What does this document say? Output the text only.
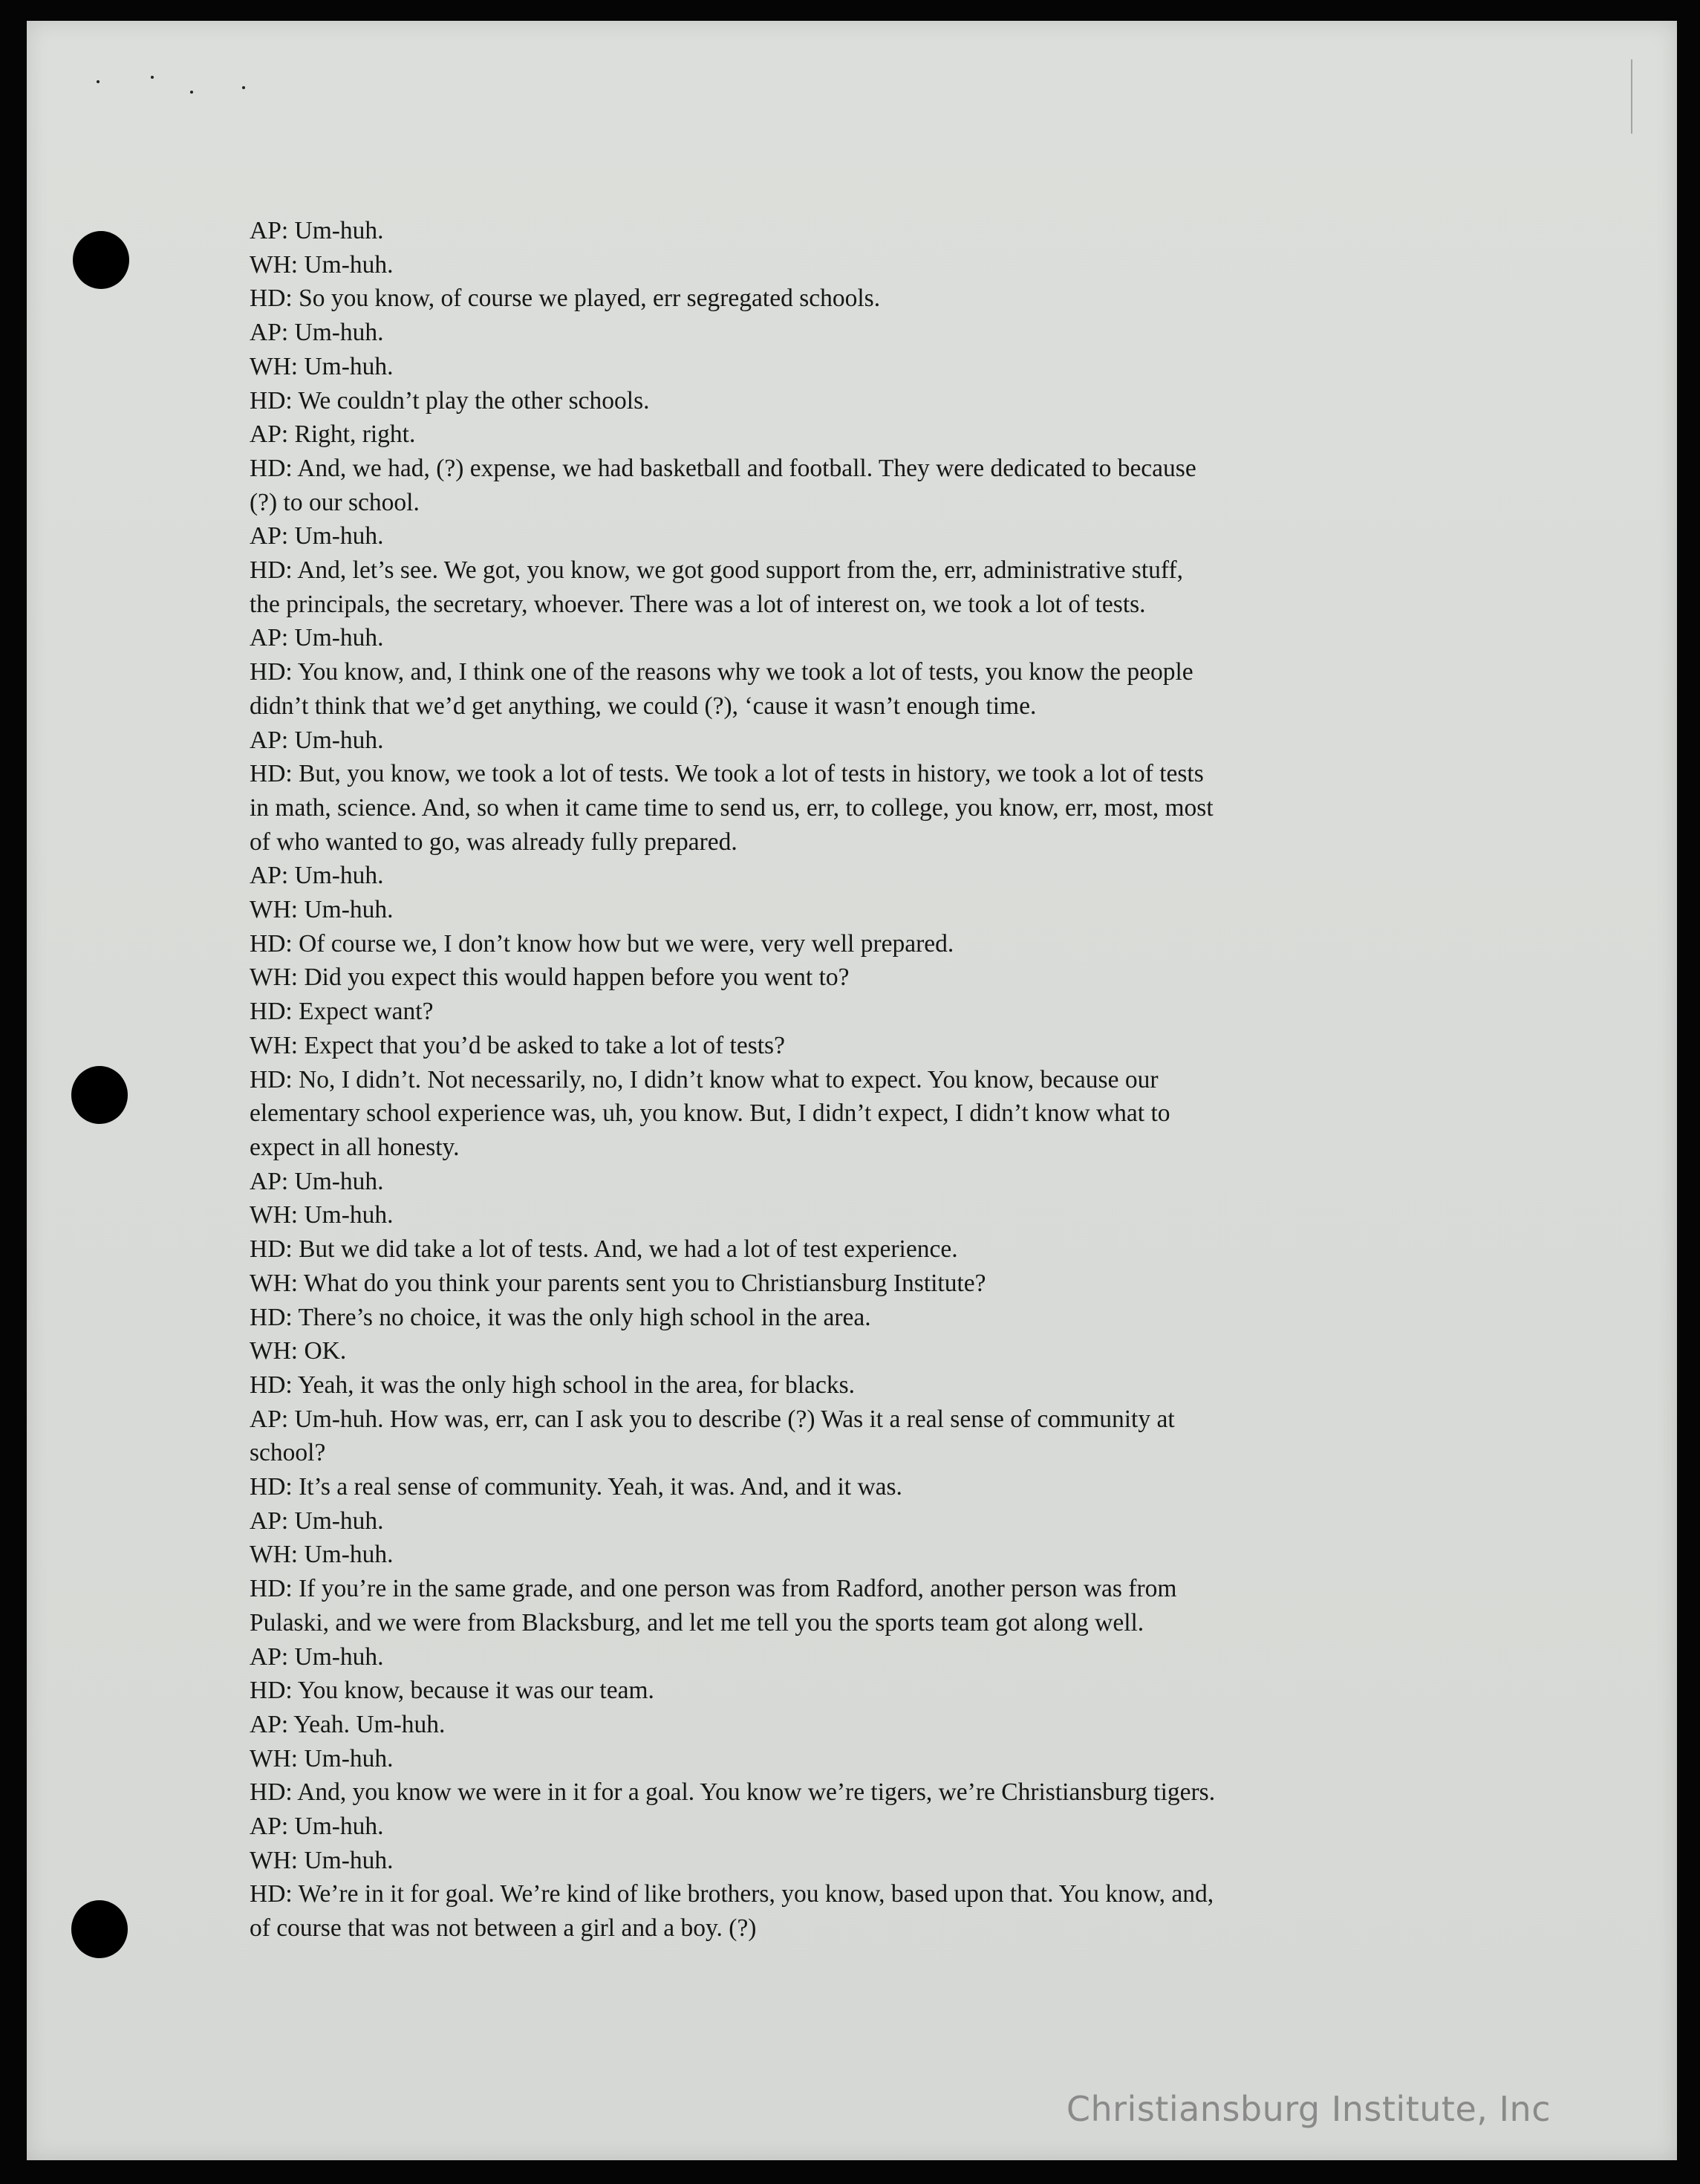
AP: Um-huh.
WH: Um-huh.
HD: So you know, of course we played, err segregated schools.
AP: Um-huh.
WH: Um-huh.
HD: We couldn’t play the other schools.
AP: Right, right.
HD: And, we had, (?) expense, we had basketball and football. They were dedicated to because
(?) to our school.
AP: Um-huh.
HD: And, let’s see. We got, you know, we got good support from the, err, administrative stuff,
the principals, the secretary, whoever. There was a lot of interest on, we took a lot of tests.
AP: Um-huh.
HD: You know, and, I think one of the reasons why we took a lot of tests, you know the people
didn’t think that we’d get anything, we could (?), ‘cause it wasn’t enough time.
AP: Um-huh.
HD: But, you know, we took a lot of tests. We took a lot of tests in history, we took a lot of tests
in math, science. And, so when it came time to send us, err, to college, you know, err, most, most
of who wanted to go, was already fully prepared.
AP: Um-huh.
WH: Um-huh.
HD: Of course we, I don’t know how but we were, very well prepared.
WH: Did you expect this would happen before you went to?
HD: Expect want?
WH: Expect that you’d be asked to take a lot of tests?
HD: No, I didn’t. Not necessarily, no, I didn’t know what to expect. You know, because our
elementary school experience was, uh, you know. But, I didn’t expect, I didn’t know what to
expect in all honesty.
AP: Um-huh.
WH: Um-huh.
HD: But we did take a lot of tests. And, we had a lot of test experience.
WH: What do you think your parents sent you to Christiansburg Institute?
HD: There’s no choice, it was the only high school in the area.
WH: OK.
HD: Yeah, it was the only high school in the area, for blacks.
AP: Um-huh. How was, err, can I ask you to describe (?) Was it a real sense of community at
school?
HD: It’s a real sense of community. Yeah, it was. And, and it was.
AP: Um-huh.
WH: Um-huh.
HD: If you’re in the same grade, and one person was from Radford, another person was from
Pulaski, and we were from Blacksburg, and let me tell you the sports team got along well.
AP: Um-huh.
HD: You know, because it was our team.
AP: Yeah. Um-huh.
WH: Um-huh.
HD: And, you know we were in it for a goal. You know we’re tigers, we’re Christiansburg tigers.
AP: Um-huh.
WH: Um-huh.
HD: We’re in it for goal. We’re kind of like brothers, you know, based upon that. You know, and,
of course that was not between a girl and a boy. (?)
Christiansburg Institute, Inc
